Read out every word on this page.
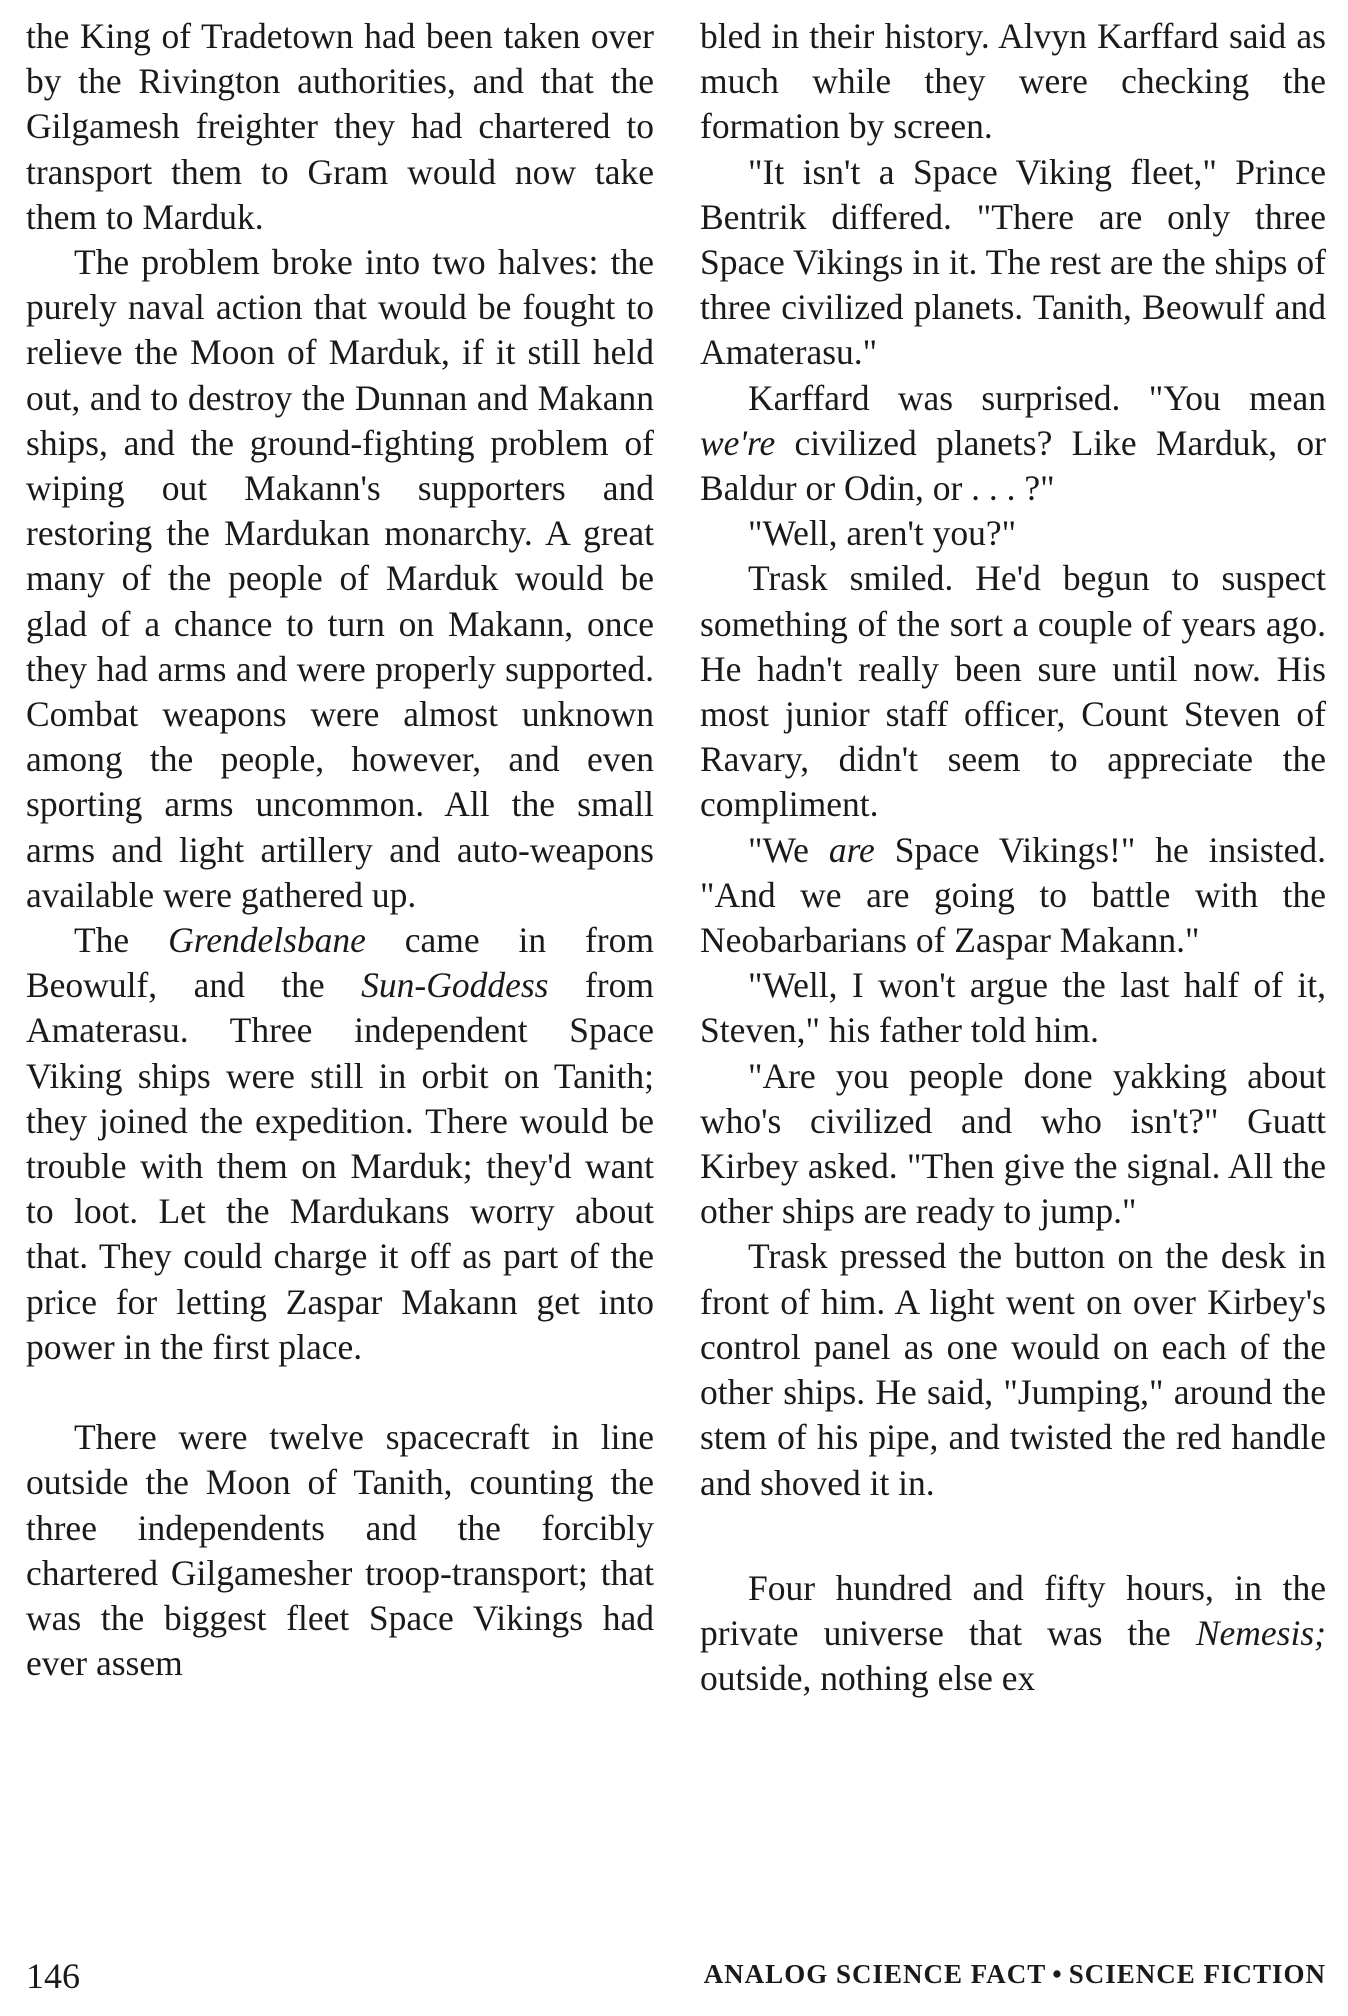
the King of Tradetown had been taken over by the Rivington authorities, and that the Gilgamesh freighter they had chartered to transport them to Gram would now take them to Marduk.

The problem broke into two halves: the purely naval action that would be fought to relieve the Moon of Marduk, if it still held out, and to destroy the Dunnan and Makann ships, and the ground-fighting problem of wiping out Makann's supporters and restoring the Mardukan monarchy. A great many of the people of Marduk would be glad of a chance to turn on Makann, once they had arms and were properly supported. Combat weapons were almost unknown among the people, however, and even sporting arms uncommon. All the small arms and light artillery and auto-weapons available were gathered up.

The Grendelsbane came in from Beowulf, and the Sun-Goddess from Amaterasu. Three independent Space Viking ships were still in orbit on Tanith; they joined the expedition. There would be trouble with them on Marduk; they'd want to loot. Let the Mardukans worry about that. They could charge it off as part of the price for letting Zaspar Makann get into power in the first place.

There were twelve spacecraft in line outside the Moon of Tanith, counting the three independents and the forcibly chartered Gilgamesher troop-transport; that was the biggest fleet Space Vikings had ever assem

bled in their history. Alvyn Karffard said as much while they were checking the formation by screen.

"It isn't a Space Viking fleet," Prince Bentrik differed. "There are only three Space Vikings in it. The rest are the ships of three civilized planets. Tanith, Beowulf and Amaterasu."

Karffard was surprised. "You mean we're civilized planets? Like Marduk, or Baldur or Odin, or . . . ?"

"Well, aren't you?"

Trask smiled. He'd begun to suspect something of the sort a couple of years ago. He hadn't really been sure until now. His most junior staff officer, Count Steven of Ravary, didn't seem to appreciate the compliment.

"We are Space Vikings!" he insisted. "And we are going to battle with the Neobarbarians of Zaspar Makann."

"Well, I won't argue the last half of it, Steven," his father told him.

"Are you people done yakking about who's civilized and who isn't?" Guatt Kirbey asked. "Then give the signal. All the other ships are ready to jump."

Trask pressed the button on the desk in front of him. A light went on over Kirbey's control panel as one would on each of the other ships. He said, "Jumping," around the stem of his pipe, and twisted the red handle and shoved it in.

Four hundred and fifty hours, in the private universe that was the Nemesis; outside, nothing else ex

146	ANALOG SCIENCE FACT • SCIENCE FICTION
